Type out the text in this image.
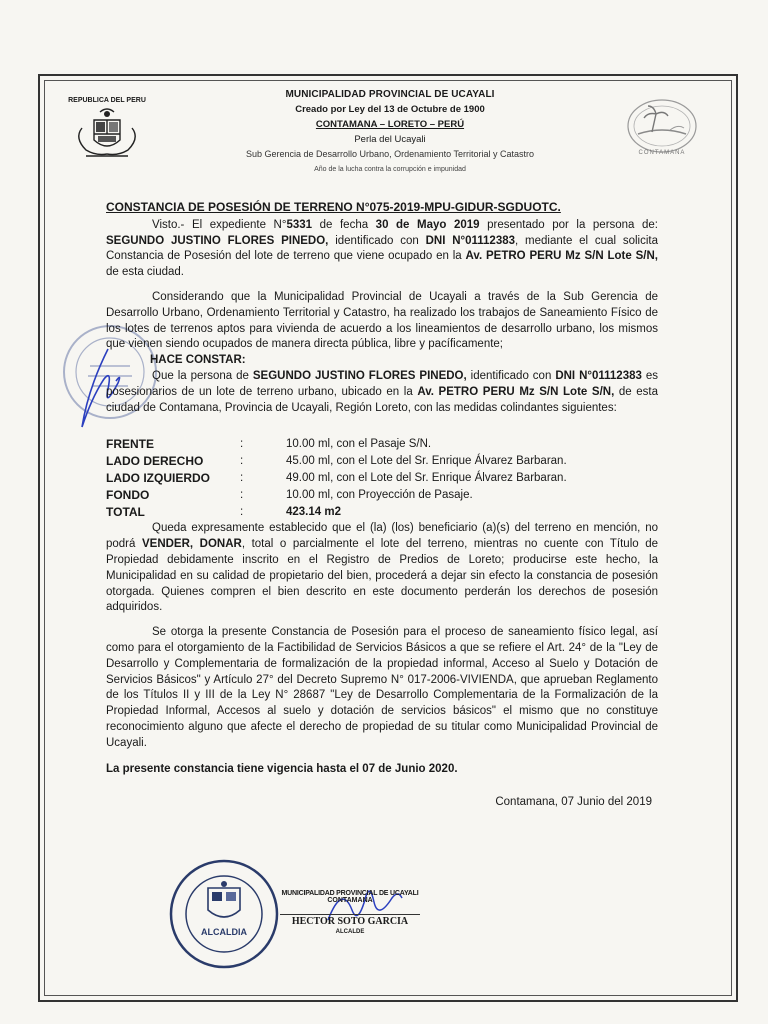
REPUBLICA DEL PERU
CONTAMANA
MUNICIPALIDAD PROVINCIAL DE UCAYALI
Creado por Ley del 13 de Octubre de 1900
CONTAMANA – LORETO – PERÚ
Perla del Ucayali
Sub Gerencia de Desarrollo Urbano, Ordenamiento Territorial y Catastro
Año de la lucha contra la corrupción e impunidad
CONSTANCIA DE POSESIÓN DE TERRENO N°075-2019-MPU-GIDUR-SGDUOTC.

Visto.- El expediente N°5331 de fecha 30 de Mayo 2019 presentado por la persona de: SEGUNDO JUSTINO FLORES PINEDO, identificado con DNI N°01112383, mediante el cual solicita Constancia de Posesión del lote de terreno que viene ocupado en la Av. PETRO PERU Mz S/N Lote S/N, de esta ciudad.

Considerando que la Municipalidad Provincial de Ucayali a través de la Sub Gerencia de Desarrollo Urbano, Ordenamiento Territorial y Catastro, ha realizado los trabajos de Saneamiento Físico de los lotes de terrenos aptos para vivienda de acuerdo a los lineamientos de desarrollo urbano, los mismos que vienen siendo ocupados de manera directa pública, libre y pacíficamente;

HACE CONSTAR:

Que la persona de SEGUNDO JUSTINO FLORES PINEDO, identificado con DNI N°01112383 es posesionarios de un lote de terreno urbano, ubicado en la Av. PETRO PERU Mz S/N Lote S/N, de esta ciudad de Contamana, Provincia de Ucayali, Región Loreto, con las medidas colindantes siguientes:

FRENTE	:	10.00 ml, con el Pasaje S/N.
LADO DERECHO	:	45.00 ml, con el Lote del Sr. Enrique Álvarez Barbaran.
LADO IZQUIERDO	:	49.00 ml, con el Lote del Sr. Enrique Álvarez Barbaran.
FONDO	:	10.00 ml, con Proyección de Pasaje.
TOTAL	:	423.14 m2

Queda expresamente establecido que el (la) (los) beneficiario (a)(s) del terreno en mención, no podrá VENDER, DONAR, total o parcialmente el lote del terreno, mientras no cuente con Título de Propiedad debidamente inscrito en el Registro de Predios de Loreto; producirse este hecho, la Municipalidad en su calidad de propietario del bien, procederá a dejar sin efecto la constancia de posesión otorgada. Quienes compren el bien descrito en este documento perderán los derechos de posesión adquiridos.

Se otorga la presente Constancia de Posesión para el proceso de saneamiento físico legal, así como para el otorgamiento de la Factibilidad de Servicios Básicos a que se refiere el Art. 24° de la "Ley de Desarrollo y Complementaria de formalización de la propiedad informal, Acceso al Suelo y Dotación de Servicios Básicos" y Artículo 27° del Decreto Supremo N° 017-2006-VIVIENDA, que aprueban Reglamento de los Títulos II y III de la Ley N° 28687 "Ley de Desarrollo Complementaria de la Formalización de la Propiedad Informal, Accesos al suelo y dotación de servicios básicos" el mismo que no constituye reconocimiento alguno que afecte el derecho de propiedad de su titular como Municipalidad Provincial de Ucayali.

La presente constancia tiene vigencia hasta el 07 de Junio 2020.
Contamana, 07 Junio del 2019
ALCALDIA
MUNICIPALIDAD PROVINCIAL DE UCAYALI
CONTAMANA
HECTOR SOTO GARCIA
ALCALDE
